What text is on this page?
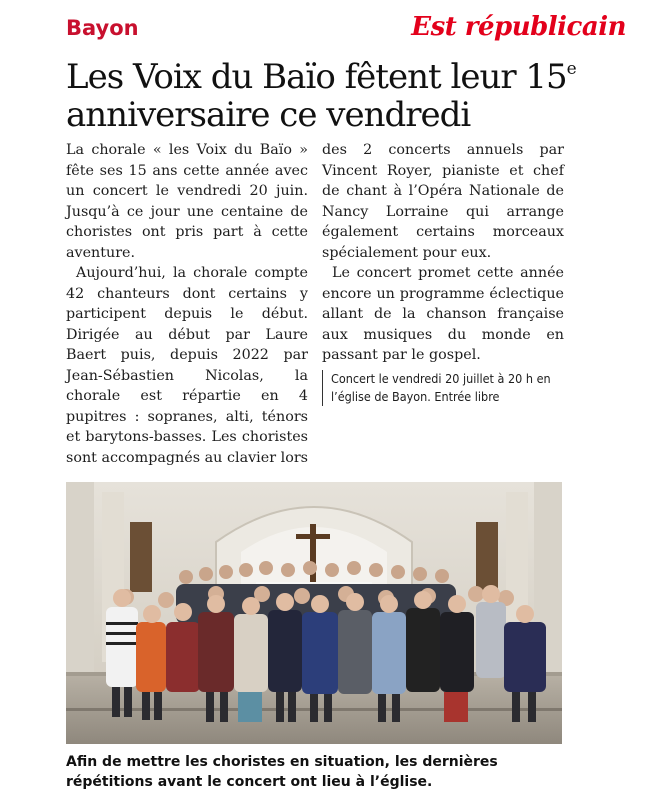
Bayon	Est républicain
Les Voix du Baïo fêtent leur 15e anniversaire ce vendredi

La chorale « les Voix du Baïo » fête ses 15 ans cette année avec un concert le vendredi 20 juin. Jusqu’à ce jour une centaine de choristes ont pris part à cette aventure.

Aujourd’hui, la chorale compte 42 chanteurs dont certains y participent depuis le début. Dirigée au début par Laure Baert puis, depuis 2022 par Jean-Sébastien Nicolas, la chorale est répartie en 4 pupitres : sopranes, alti, ténors et barytons-basses. Les choristes sont accompagnés au clavier lors des 2 concerts annuels par Vincent Royer, pianiste et chef de chant à l’Opéra Nationale de Nancy Lorraine qui arrange également certains morceaux spécialement pour eux.

Le concert promet cette année encore un programme éclectique allant de la chanson française aux musiques du monde en passant par le gospel.

Concert le vendredi 20 juillet à 20 h en l’église de Bayon. Entrée libre

Afin de mettre les choristes en situation, les dernières répétitions avant le concert ont lieu à l’église.
